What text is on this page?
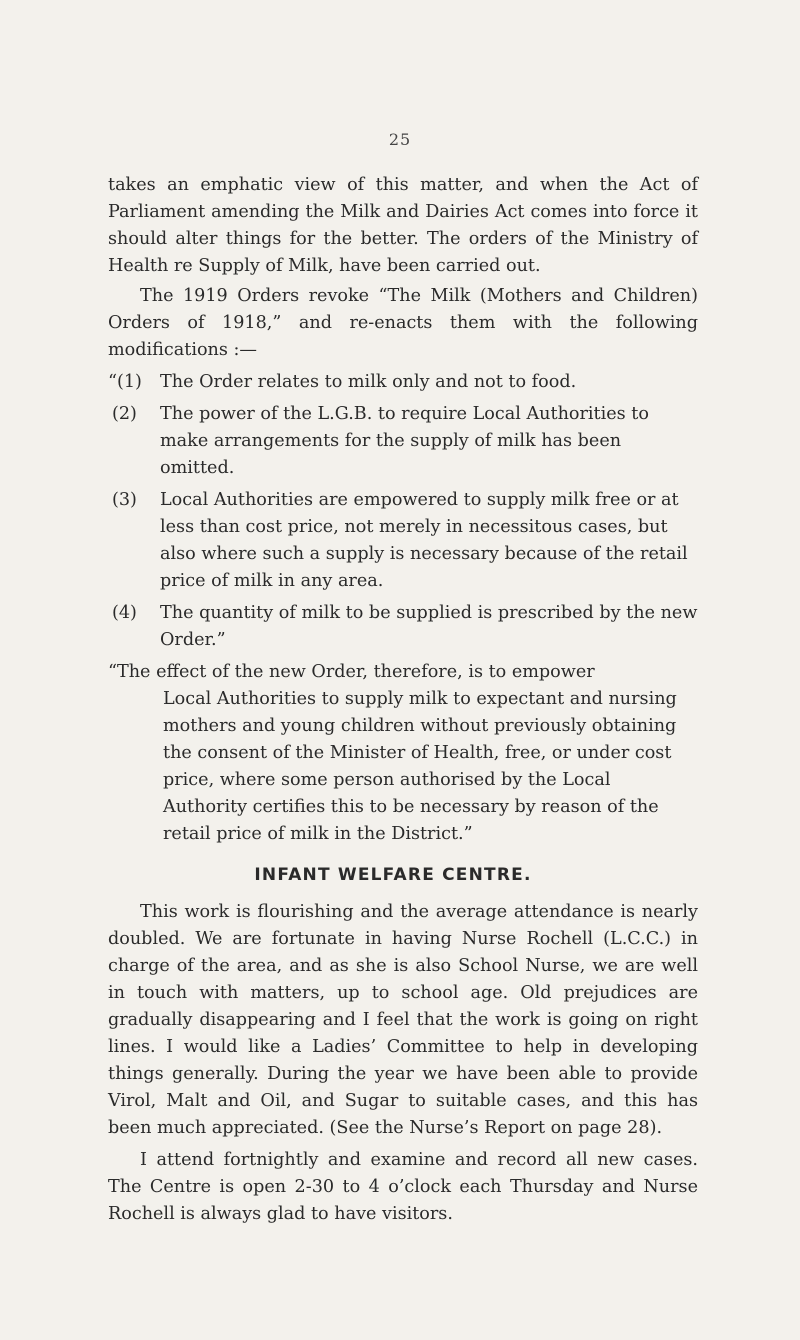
25

takes an emphatic view of this matter, and when the Act of Parliament amending the Milk and Dairies Act comes into force it should alter things for the better. The orders of the Ministry of Health re Supply of Milk, have been carried out.

The 1919 Orders revoke “The Milk (Mothers and Children) Orders of 1918,” and re-enacts them with the following modifications :—

“(1)	The Order relates to milk only and not to food.
(2)	The power of the L.G.B. to require Local Authorities to make arrangements for the supply of milk has been omitted.
(3)	Local Authorities are empowered to supply milk free or at less than cost price, not merely in necessitous cases, but also where such a supply is necessary because of the retail price of milk in any area.
(4)	The quantity of milk to be supplied is prescribed by the new Order.”
“The effect of the new Order, therefore, is to empower
Local Authorities to supply milk to expectant and nursing mothers and young children without previously obtaining the consent of the Minister of Health, free, or under cost price, where some person authorised by the Local Authority certifies this to be necessary by reason of the retail price of milk in the District.”
INFANT WELFARE CENTRE.

This work is flourishing and the average attendance is nearly doubled. We are fortunate in having Nurse Rochell (L.C.C.) in charge of the area, and as she is also School Nurse, we are well in touch with matters, up to school age. Old prejudices are gradually disappearing and I feel that the work is going on right lines. I would like a Ladies’ Committee to help in developing things generally. During the year we have been able to provide Virol, Malt and Oil, and Sugar to suitable cases, and this has been much appreciated. (See the Nurse’s Report on page 28).

I attend fortnightly and examine and record all new cases. The Centre is open 2-30 to 4 o’clock each Thursday and Nurse Rochell is always glad to have visitors.
